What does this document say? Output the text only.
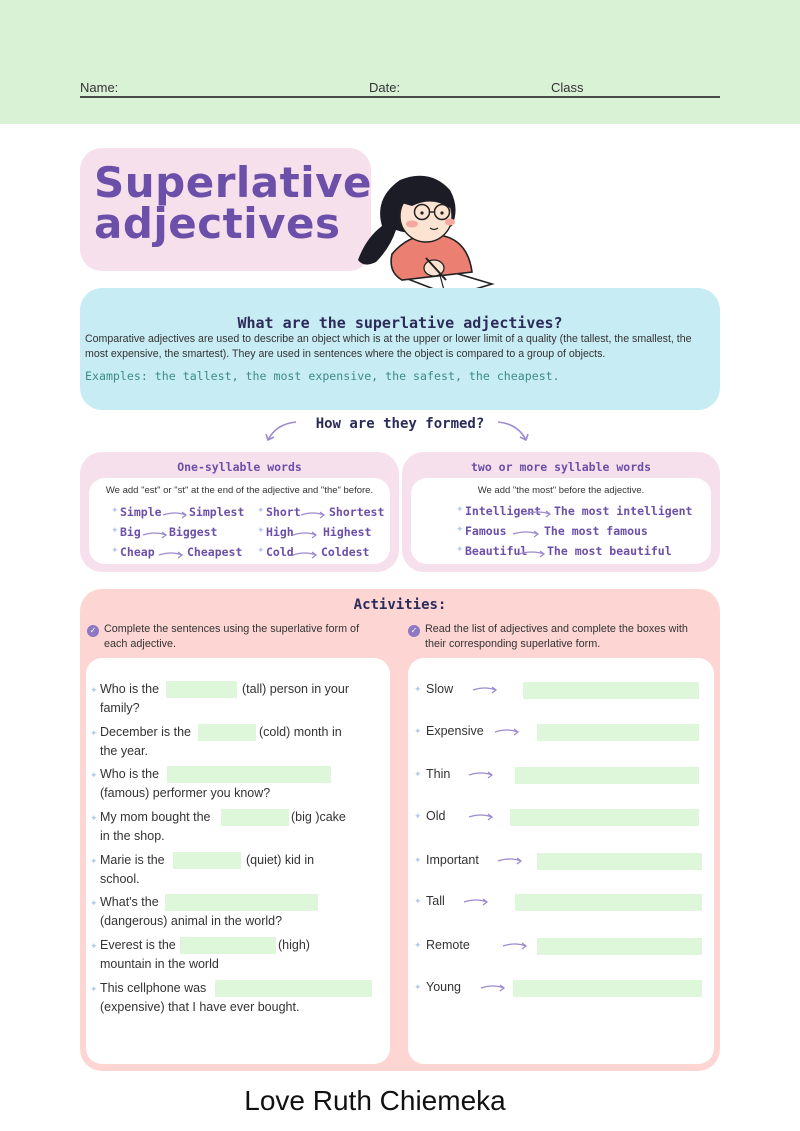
Name:	Date:	Class
Superlative
adjectives
What are the superlative adjectives?
Comparative adjectives are used to describe an object which is at the upper or lower limit of a quality (the tallest, the smallest, the most expensive, the smartest). They are used in sentences where the object is compared to a group of objects.
Examples: the tallest, the most expensive, the safest, the cheapest.
How are they formed?
One-syllable words
We add "est" or "st" at the end of the adjective and "the" before.
✦ Simple Simplest ✦ Short Shortest
✦ Big Biggest	✦ High	Highest
✦ Cheap	Cheapest ✦ Cold Coldest
two or more syllable words
We add "the most" before the adjective.
✦ Intelligent The most intelligent
✦ Famous	The most famous
✦ Beautiful The most beautiful
Activities:
✓ Complete the sentences using the superlative form of
each adjective.
✓ Read the list of adjectives and complete the boxes with
their corresponding superlative form.
✦ Who is the	(tall) person in your
family?
✦ December is the	(cold) month in
the year.
✦ Who is the
(famous) performer you know?
✦ My mom bought the	(big )cake
in the shop.
✦ Marie is the	(quiet) kid in
school.
✦ What's the
(dangerous) animal in the world?
✦ Everest is the	(high)
mountain in the world
✦ This cellphone was
(expensive) that I have ever bought.
✦ Slow
✦ Expensive
✦ Thin
✦ Old
✦ Important
✦ Tall
✦ Remote
✦ Young
Love Ruth Chiemeka
